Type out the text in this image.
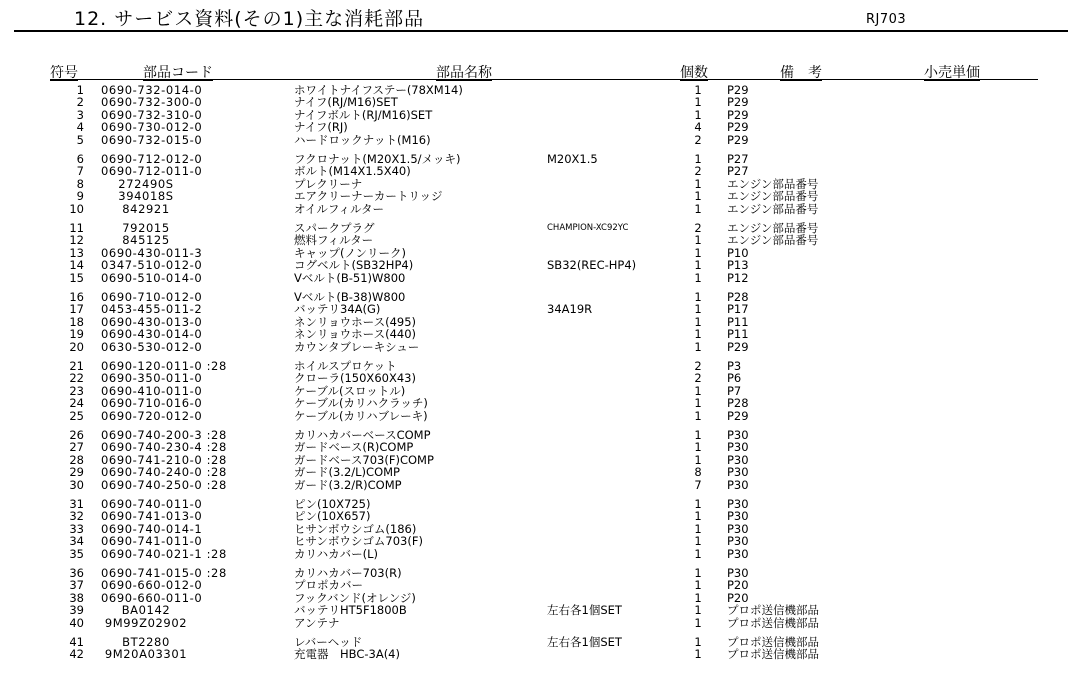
12. サービス資料(その1)主な消耗部品	RJ703
符号	部品コード	部品名称	個数	備　考	小売単価
1 0690-732-014-0	ホワイトナイフステー(78XM14)	1	P29
2 0690-732-300-0	ナイフ(RJ/M16)SET	1	P29
3 0690-732-310-0	ナイフボルト(RJ/M16)SET	1	P29
4 0690-730-012-0	ナイフ(RJ)	4	P29
5 0690-732-015-0	ハードロックナット(M16)	2	P29
6 0690-712-012-0	フクロナット(M20X1.5/メッキ)	M20X1.5	1	P27
7 0690-712-011-0	ボルト(M14X1.5X40)	2	P27
8	272490S	プレクリーナ	1	エンジン部品番号
9	394018S	エアクリーナーカートリッジ	1	エンジン部品番号
10	842921	オイルフィルター	1	エンジン部品番号
11	792015	スパークプラグ	CHAMPION-XC92YC	2	エンジン部品番号
12	845125	燃料フィルター	1	エンジン部品番号
13 0690-430-011-3	キャップ(ノンリーク)	1	P10
14 0347-510-012-0	コグベルト(SB32HP4)	SB32(REC-HP4)	1	P13
15 0690-510-014-0	Vベルト(B-51)W800	1	P12
16 0690-710-012-0	Vベルト(B-38)W800	1	P28
17 0453-455-011-2	バッテリ34A(G)	34A19R	1	P17
18 0690-430-013-0	ネンリョウホース(495)	1	P11
19 0690-430-014-0	ネンリョウホース(440)	1	P11
20 0630-530-012-0	カウンタブレーキシュー	1	P29
21 0690-120-011-0 :28	ホイルスプロケット	2	P3
22 0690-350-011-0	クローラ(150X60X43)	2	P6
23 0690-410-011-0	ケーブル(スロットル)	1	P7
24 0690-710-016-0	ケーブル(カリハクラッチ)	1	P28
25 0690-720-012-0	ケーブル(カリハブレーキ)	1	P29
26 0690-740-200-3 :28	カリハカバーベースCOMP	1	P30
27 0690-740-230-4 :28	ガードベース(R)COMP	1	P30
28 0690-741-210-0 :28	ガードベース703(F)COMP	1	P30
29 0690-740-240-0 :28	ガード(3.2/L)COMP	8	P30
30 0690-740-250-0 :28	ガード(3.2/R)COMP	7	P30
31 0690-740-011-0	ピン(10X725)	1	P30
32 0690-741-013-0	ピン(10X657)	1	P30
33 0690-740-014-1	ヒサンボウシゴム(186)	1	P30
34 0690-741-011-0	ヒサンボウシゴム703(F)	1	P30
35 0690-740-021-1 :28	カリハカバー(L)	1	P30
36 0690-741-015-0 :28	カリハカバー703(R)	1	P30
37 0690-660-012-0	プロポカバー	1	P20
38 0690-660-011-0	フックバンド(オレンジ)	1	P20
39	BA0142	バッテリHT5F1800B	左右各1個SET	1	プロポ送信機部品
40	9M99Z02902	アンテナ	1	プロポ送信機部品
41	BT2280	レバーヘッド	左右各1個SET	1	プロポ送信機部品
42	9M20A03301	充電器　HBC-3A(4)	1	プロポ送信機部品
